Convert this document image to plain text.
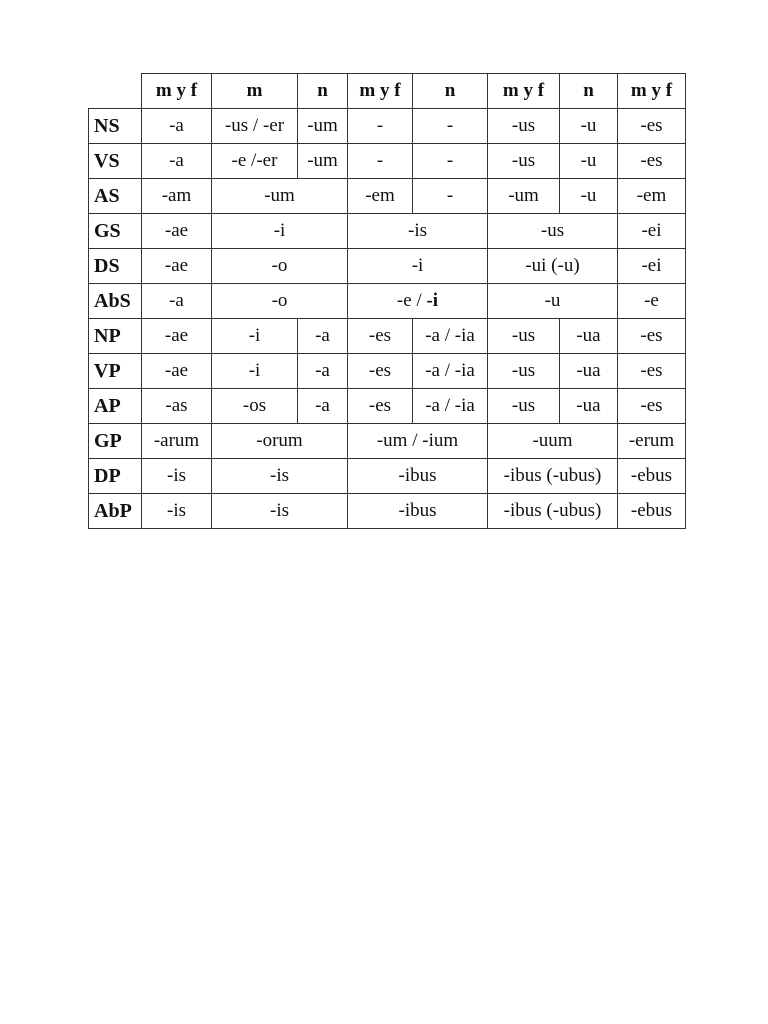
	m y f	m	n	m y f	n	m y f	n	m y f
NS	-a	-us / -er	-um	-	-	-us	-u	-es
VS	-a	-e /-er	-um	-	-	-us	-u	-es
AS	-am	-um		-em	-	-um	-u	-em
GS	-ae	-i		-is		-us		-ei
DS	-ae	-o		-i		-ui (-u)		-ei
AbS	-a	-o		-e / -i		-u		-e
NP	-ae	-i	-a	-es	-a / -ia	-us	-ua	-es
VP	-ae	-i	-a	-es	-a / -ia	-us	-ua	-es
AP	-as	-os	-a	-es	-a / -ia	-us	-ua	-es
GP	-arum	-orum		-um / -ium		-uum		-erum
DP	-is	-is		-ibus		-ibus (-ubus)		-ebus
AbP	-is	-is		-ibus		-ibus (-ubus)		-ebus
